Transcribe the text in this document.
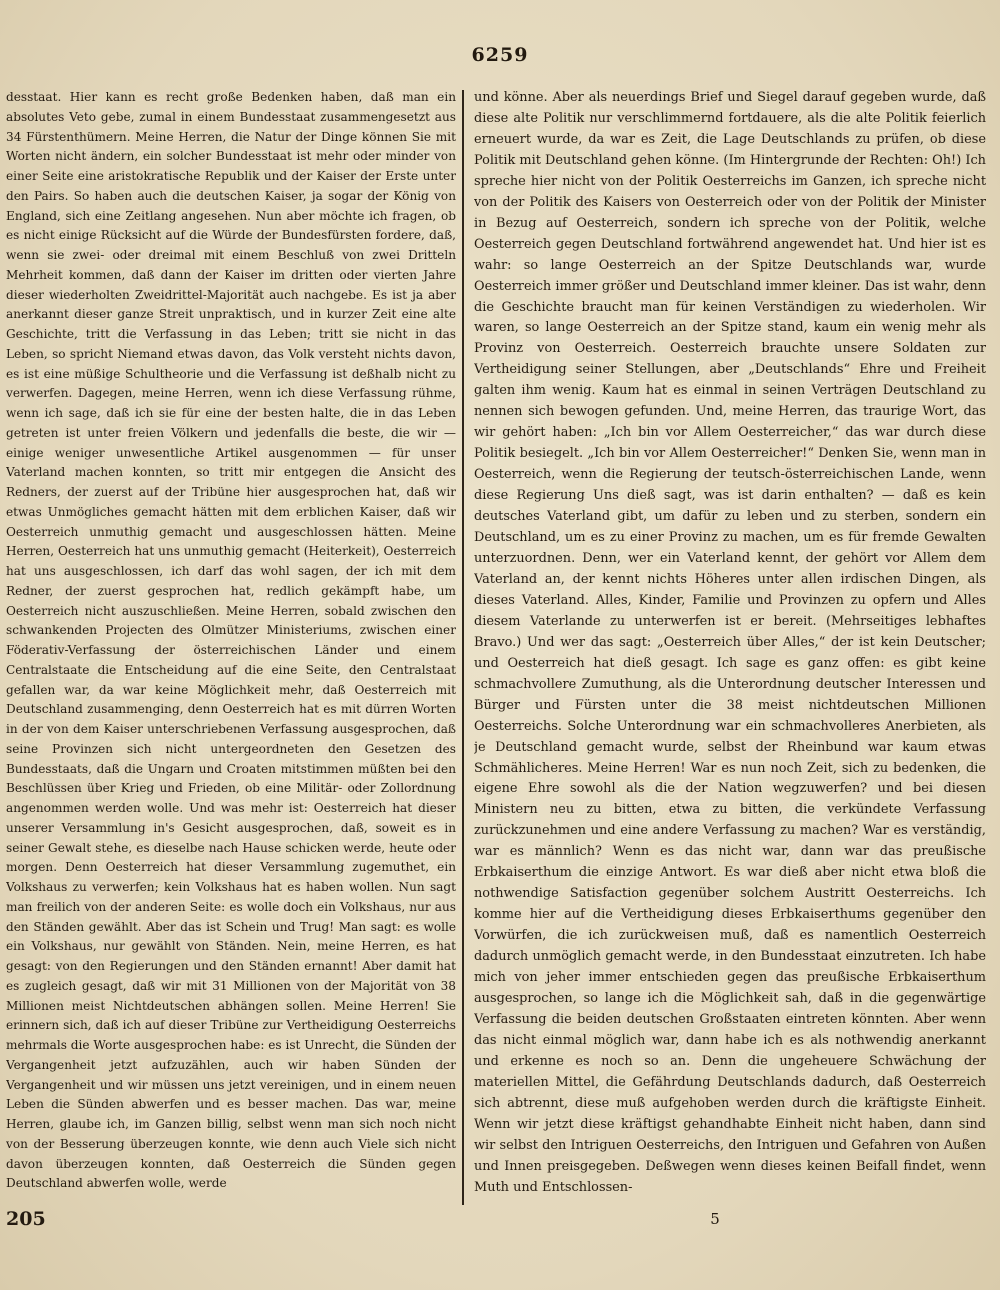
6259

desstaat. Hier kann es recht große Bedenken haben, daß man ein absolutes Veto gebe, zumal in einem Bundesstaat zusammengesetzt aus 34 Fürstenthümern. Meine Herren, die Natur der Dinge können Sie mit Worten nicht ändern, ein solcher Bundesstaat ist mehr oder minder von einer Seite eine aristokratische Republik und der Kaiser der Erste unter den Pairs. So haben auch die deutschen Kaiser, ja sogar der König von England, sich eine Zeitlang angesehen. Nun aber möchte ich fragen, ob es nicht einige Rücksicht auf die Würde der Bundesfürsten fordere, daß, wenn sie zwei- oder dreimal mit einem Beschluß von zwei Dritteln Mehrheit kommen, daß dann der Kaiser im dritten oder vierten Jahre dieser wiederholten Zweidrittel-Majorität auch nachgebe. Es ist ja aber anerkannt dieser ganze Streit unpraktisch, und in kurzer Zeit eine alte Geschichte, tritt die Verfassung in das Leben; tritt sie nicht in das Leben, so spricht Niemand etwas davon, das Volk versteht nichts davon, es ist eine müßige Schultheorie und die Verfassung ist deßhalb nicht zu verwerfen. Dagegen, meine Herren, wenn ich diese Verfassung rühme, wenn ich sage, daß ich sie für eine der besten halte, die in das Leben getreten ist unter freien Völkern und jedenfalls die beste, die wir — einige weniger unwesentliche Artikel ausgenommen — für unser Vaterland machen konnten, so tritt mir entgegen die Ansicht des Redners, der zuerst auf der Tribüne hier ausgesprochen hat, daß wir etwas Unmögliches gemacht hätten mit dem erblichen Kaiser, daß wir Oesterreich unmuthig gemacht und ausgeschlossen hätten. Meine Herren, Oesterreich hat uns unmuthig gemacht (Heiterkeit), Oesterreich hat uns ausgeschlossen, ich darf das wohl sagen, der ich mit dem Redner, der zuerst gesprochen hat, redlich gekämpft habe, um Oesterreich nicht auszuschließen. Meine Herren, sobald zwischen den schwankenden Projecten des Olmützer Ministeriums, zwischen einer Föderativ-Verfassung der österreichischen Länder und einem Centralstaate die Entscheidung auf die eine Seite, den Centralstaat gefallen war, da war keine Möglichkeit mehr, daß Oesterreich mit Deutschland zusammenging, denn Oesterreich hat es mit dürren Worten in der von dem Kaiser unterschriebenen Verfassung ausgesprochen, daß seine Provinzen sich nicht untergeordneten den Gesetzen des Bundesstaats, daß die Ungarn und Croaten mitstimmen müßten bei den Beschlüssen über Krieg und Frieden, ob eine Militär- oder Zollordnung angenommen werden wolle. Und was mehr ist: Oesterreich hat dieser unserer Versammlung in's Gesicht ausgesprochen, daß, soweit es in seiner Gewalt stehe, es dieselbe nach Hause schicken werde, heute oder morgen. Denn Oesterreich hat dieser Versammlung zugemuthet, ein Volkshaus zu verwerfen; kein Volkshaus hat es haben wollen. Nun sagt man freilich von der anderen Seite: es wolle doch ein Volkshaus, nur aus den Ständen gewählt. Aber das ist Schein und Trug! Man sagt: es wolle ein Volkshaus, nur gewählt von Ständen. Nein, meine Herren, es hat gesagt: von den Regierungen und den Ständen ernannt! Aber damit hat es zugleich gesagt, daß wir mit 31 Millionen von der Majorität von 38 Millionen meist Nichtdeutschen abhängen sollen. Meine Herren! Sie erinnern sich, daß ich auf dieser Tribüne zur Vertheidigung Oesterreichs mehrmals die Worte ausgesprochen habe: es ist Unrecht, die Sünden der Vergangenheit jetzt aufzuzählen, auch wir haben Sünden der Vergangenheit und wir müssen uns jetzt vereinigen, und in einem neuen Leben die Sünden abwerfen und es besser machen. Das war, meine Herren, glaube ich, im Ganzen billig, selbst wenn man sich noch nicht von der Besserung überzeugen konnte, wie denn auch Viele sich nicht davon überzeugen konnten, daß Oesterreich die Sünden gegen Deutschland abwerfen wolle, werde

und könne. Aber als neuerdings Brief und Siegel darauf gegeben wurde, daß diese alte Politik nur verschlimmernd fortdauere, als die alte Politik feierlich erneuert wurde, da war es Zeit, die Lage Deutschlands zu prüfen, ob diese Politik mit Deutschland gehen könne. (Im Hintergrunde der Rechten: Oh!) Ich spreche hier nicht von der Politik Oesterreichs im Ganzen, ich spreche nicht von der Politik des Kaisers von Oesterreich oder von der Politik der Minister in Bezug auf Oesterreich, sondern ich spreche von der Politik, welche Oesterreich gegen Deutschland fortwährend angewendet hat. Und hier ist es wahr: so lange Oesterreich an der Spitze Deutschlands war, wurde Oesterreich immer größer und Deutschland immer kleiner. Das ist wahr, denn die Geschichte braucht man für keinen Verständigen zu wiederholen. Wir waren, so lange Oesterreich an der Spitze stand, kaum ein wenig mehr als Provinz von Oesterreich. Oesterreich brauchte unsere Soldaten zur Vertheidigung seiner Stellungen, aber „Deutschlands“ Ehre und Freiheit galten ihm wenig. Kaum hat es einmal in seinen Verträgen Deutschland zu nennen sich bewogen gefunden. Und, meine Herren, das traurige Wort, das wir gehört haben: „Ich bin vor Allem Oesterreicher,“ das war durch diese Politik besiegelt. „Ich bin vor Allem Oesterreicher!“ Denken Sie, wenn man in Oesterreich, wenn die Regierung der teutsch-österreichischen Lande, wenn diese Regierung Uns dieß sagt, was ist darin enthalten? — daß es kein deutsches Vaterland gibt, um dafür zu leben und zu sterben, sondern ein Deutschland, um es zu einer Provinz zu machen, um es für fremde Gewalten unterzuordnen. Denn, wer ein Vaterland kennt, der gehört vor Allem dem Vaterland an, der kennt nichts Höheres unter allen irdischen Dingen, als dieses Vaterland. Alles, Kinder, Familie und Provinzen zu opfern und Alles diesem Vaterlande zu unterwerfen ist er bereit. (Mehrseitiges lebhaftes Bravo.) Und wer das sagt: „Oesterreich über Alles,“ der ist kein Deutscher; und Oesterreich hat dieß gesagt. Ich sage es ganz offen: es gibt keine schmachvollere Zumuthung, als die Unterordnung deutscher Interessen und Bürger und Fürsten unter die 38 meist nichtdeutschen Millionen Oesterreichs. Solche Unterordnung war ein schmachvolleres Anerbieten, als je Deutschland gemacht wurde, selbst der Rheinbund war kaum etwas Schmählicheres. Meine Herren! War es nun noch Zeit, sich zu bedenken, die eigene Ehre sowohl als die der Nation wegzuwerfen? und bei diesen Ministern neu zu bitten, etwa zu bitten, die verkündete Verfassung zurückzunehmen und eine andere Verfassung zu machen? War es verständig, war es männlich? Wenn es das nicht war, dann war das preußische Erbkaiserthum die einzige Antwort. Es war dieß aber nicht etwa bloß die nothwendige Satisfaction gegenüber solchem Austritt Oesterreichs. Ich komme hier auf die Vertheidigung dieses Erbkaiserthums gegenüber den Vorwürfen, die ich zurückweisen muß, daß es namentlich Oesterreich dadurch unmöglich gemacht werde, in den Bundesstaat einzutreten. Ich habe mich von jeher immer entschieden gegen das preußische Erbkaiserthum ausgesprochen, so lange ich die Möglichkeit sah, daß in die gegenwärtige Verfassung die beiden deutschen Großstaaten eintreten könnten. Aber wenn das nicht einmal möglich war, dann habe ich es als nothwendig anerkannt und erkenne es noch so an. Denn die ungeheuere Schwächung der materiellen Mittel, die Gefährdung Deutschlands dadurch, daß Oesterreich sich abtrennt, diese muß aufgehoben werden durch die kräftigste Einheit. Wenn wir jetzt diese kräftigst gehandhabte Einheit nicht haben, dann sind wir selbst den Intriguen Oesterreichs, den Intriguen und Gefahren von Außen und Innen preisgegeben. Deßwegen wenn dieses keinen Beifall findet, wenn Muth und Entschlossen-

205	5
